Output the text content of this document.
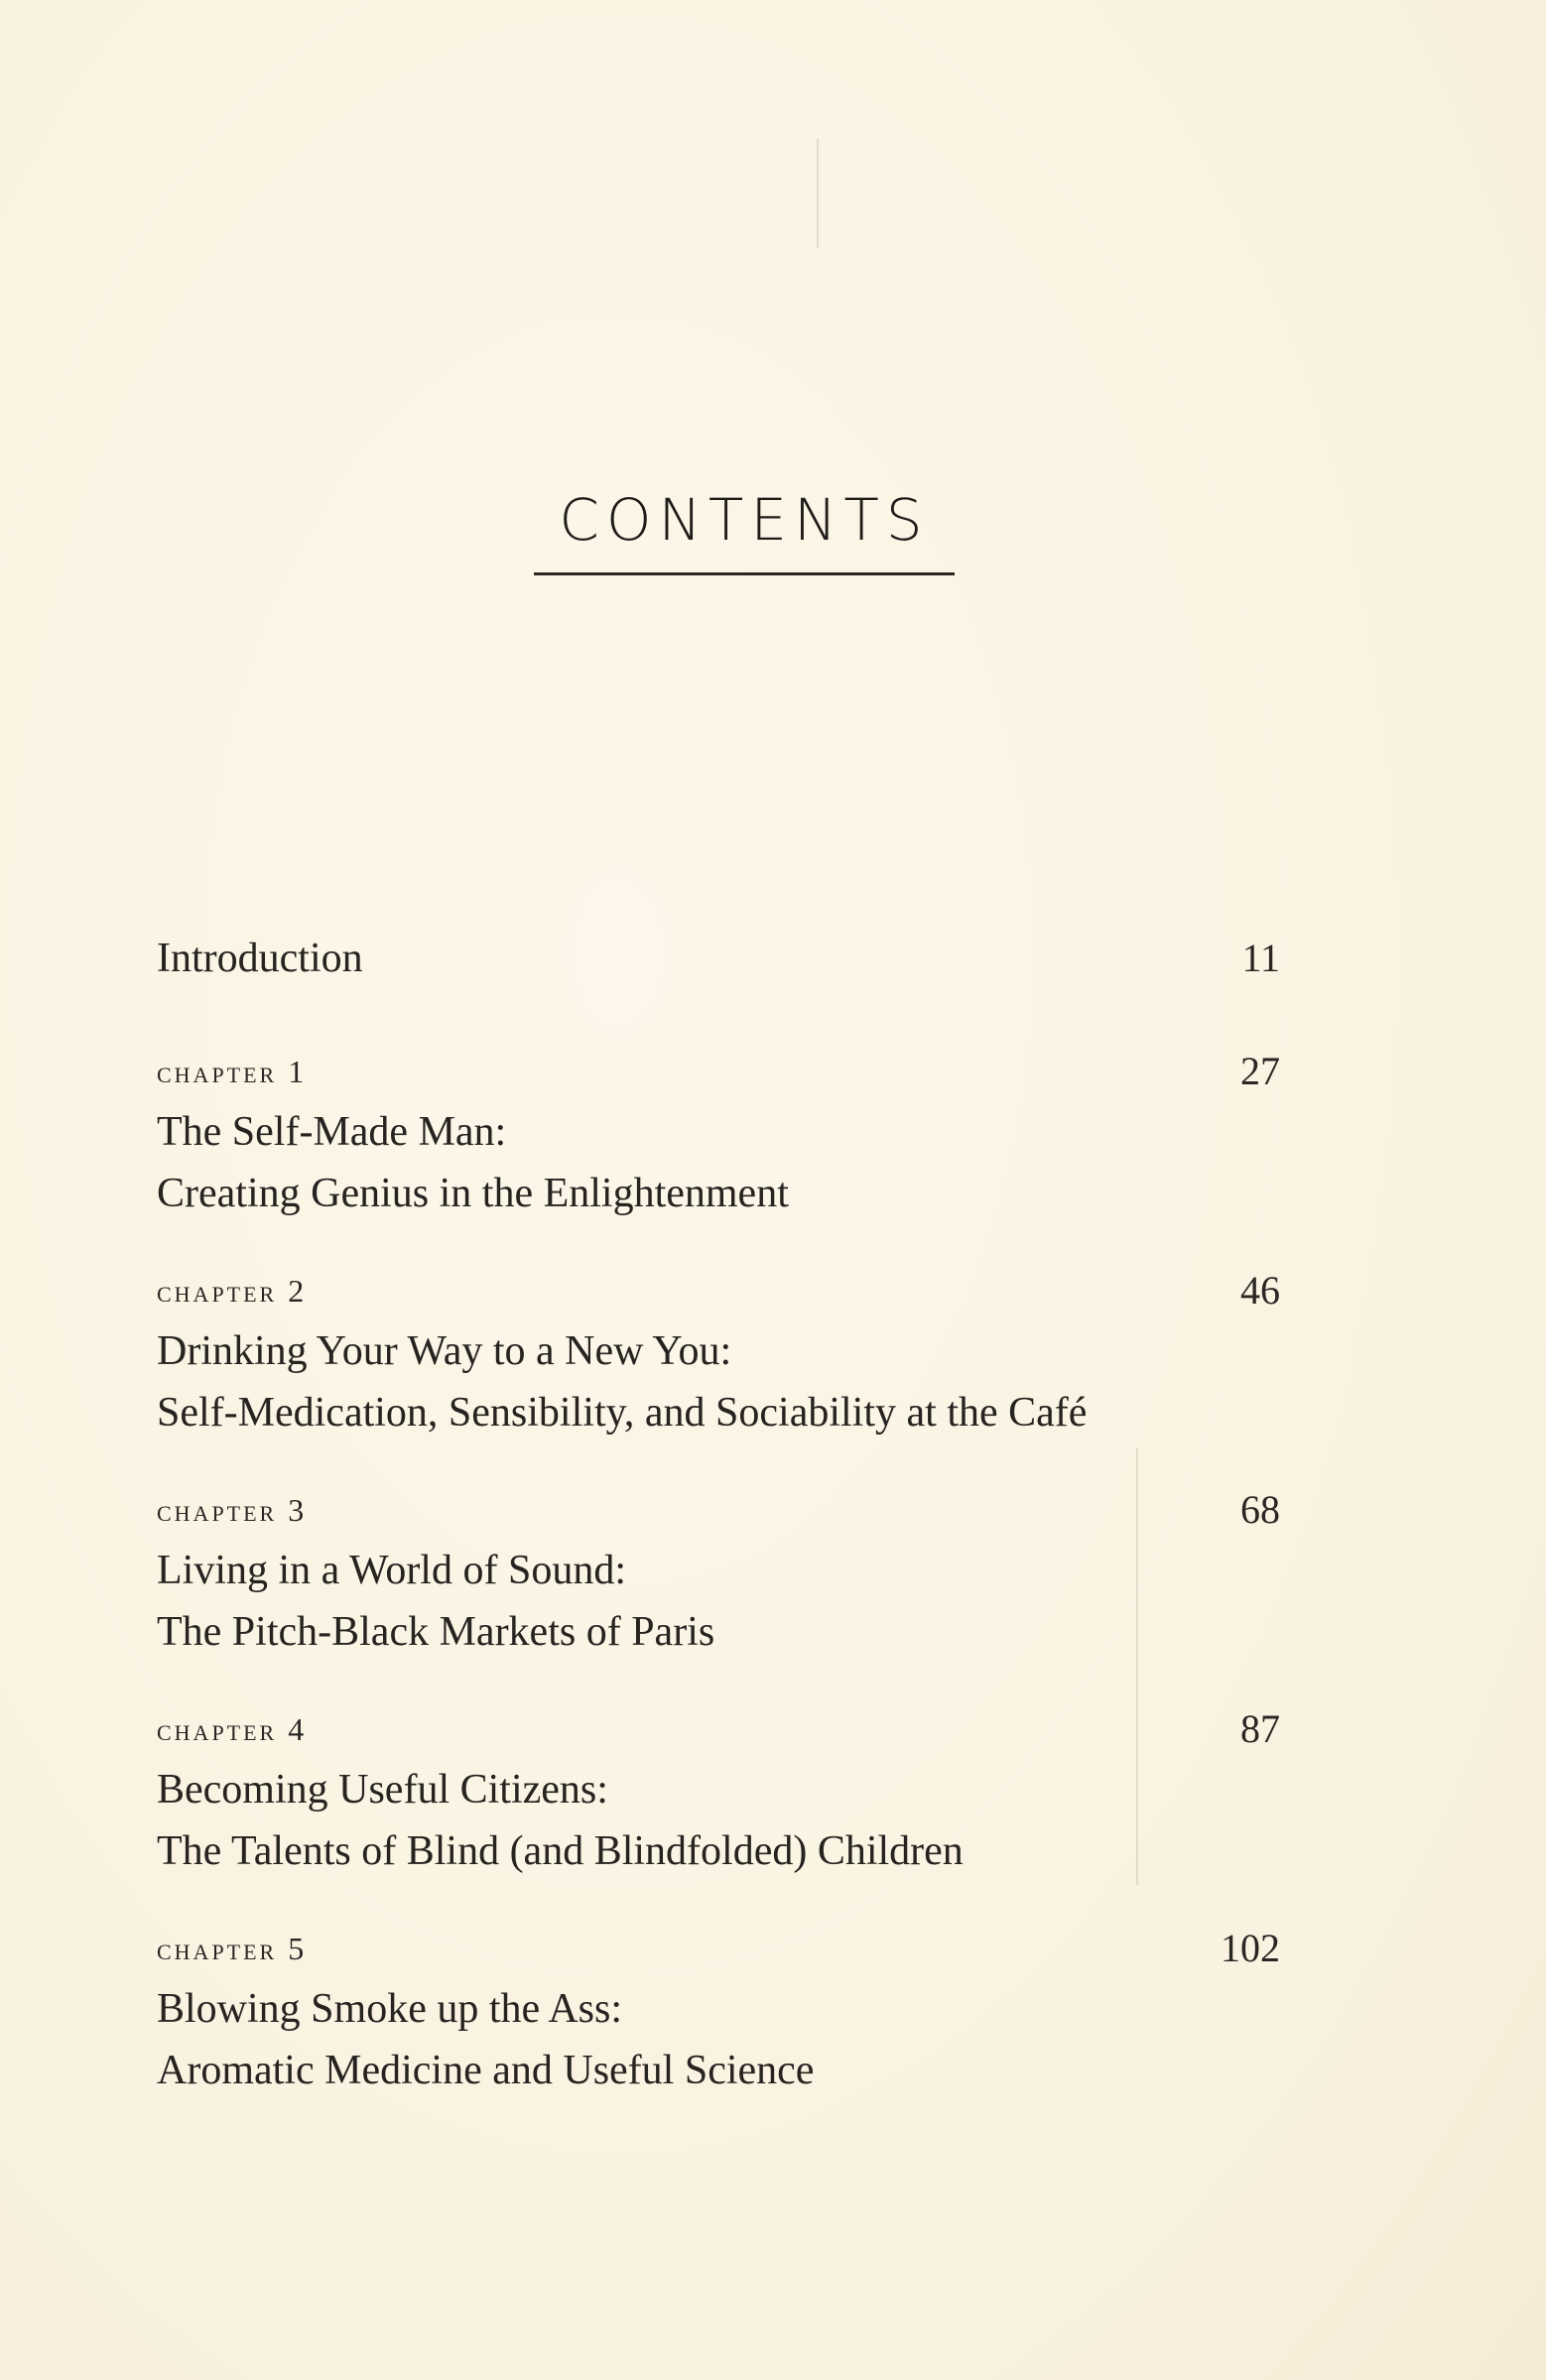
CONTENTS
Introduction	11
chapter 1
The Self-Made Man:
Creating Genius in the Enlightenment
27
chapter 2
Drinking Your Way to a New You:
Self-Medication, Sensibility, and Sociability at the Café
46
chapter 3
Living in a World of Sound:
The Pitch-Black Markets of Paris
68
chapter 4
Becoming Useful Citizens:
The Talents of Blind (and Blindfolded) Children
87
chapter 5
Blowing Smoke up the Ass:
Aromatic Medicine and Useful Science
102
